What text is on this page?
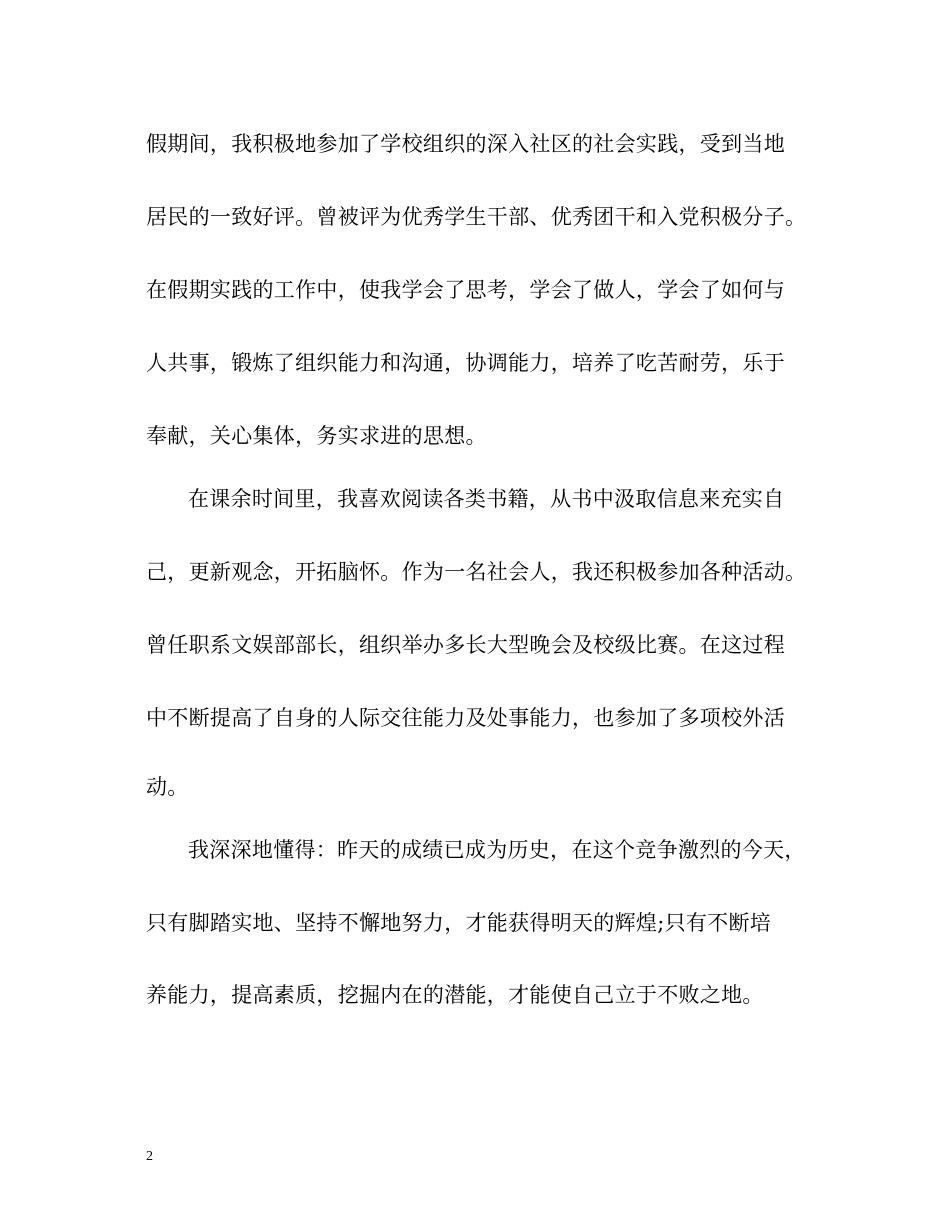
假期间，我积极地参加了学校组织的深入社区的社会实践，受到当地
居民的一致好评。曾被评为优秀学生干部、优秀团干和入党积极分子。
在假期实践的工作中，使我学会了思考，学会了做人，学会了如何与
人共事，锻炼了组织能力和沟通，协调能力，培养了吃苦耐劳，乐于
奉献，关心集体，务实求进的思想。
在课余时间里，我喜欢阅读各类书籍，从书中汲取信息来充实自
己，更新观念，开拓脑怀。作为一名社会人，我还积极参加各种活动。
曾任职系文娱部部长，组织举办多长大型晚会及校级比赛。在这过程
中不断提高了自身的人际交往能力及处事能力，也参加了多项校外活
动。
我深深地懂得：昨天的成绩已成为历史，在这个竞争激烈的今天，
只有脚踏实地、坚持不懈地努力，才能获得明天的辉煌;只有不断培
养能力，提高素质，挖掘内在的潜能，才能使自己立于不败之地。
2
